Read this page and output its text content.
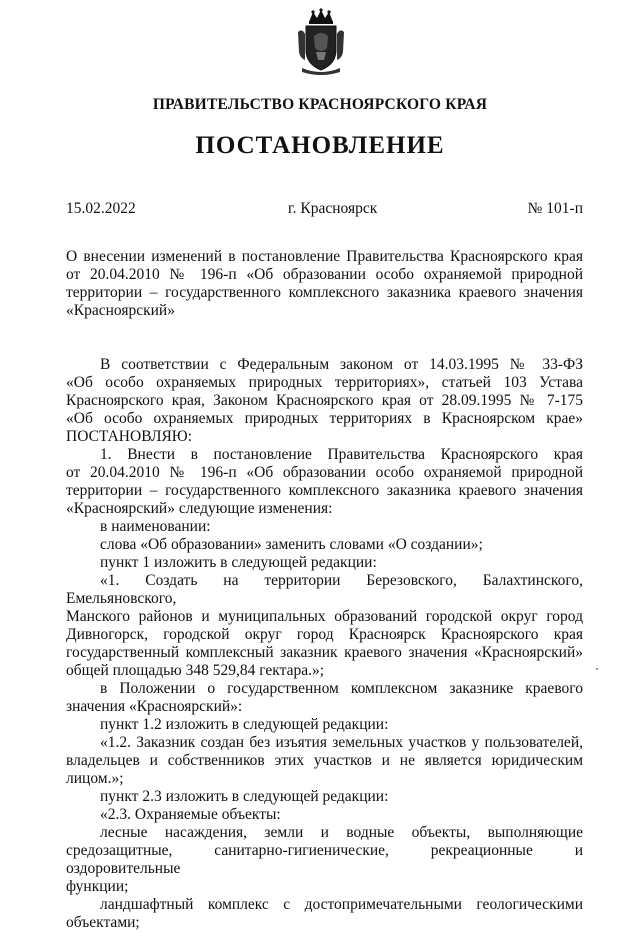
ПРАВИТЕЛЬСТВО КРАСНОЯРСКОГО КРАЯ
ПОСТАНОВЛЕНИЕ
15.02.2022	г. Красноярск	№ 101-п

О внесении изменений в постановление Правительства Красноярского края

от 20.04.2010 № 196-п «Об образовании особо охраняемой природной

территории – государственного комплексного заказника краевого значения

«Красноярский»

В соответствии с Федеральным законом от 14.03.1995 № 33-ФЗ

«Об особо охраняемых природных территориях», статьей 103 Устава

Красноярского края, Законом Красноярского края от 28.09.1995 № 7-175

«Об особо охраняемых природных территориях в Красноярском крае»

ПОСТАНОВЛЯЮ:

1. Внести в постановление Правительства Красноярского края

от 20.04.2010 № 196-п «Об образовании особо охраняемой природной

территории – государственного комплексного заказника краевого значения

«Красноярский» следующие изменения:

в наименовании:

слова «Об образовании» заменить словами «О создании»;

пункт 1 изложить в следующей редакции:

«1. Создать на территории Березовского, Балахтинского, Емельяновского,

Манского районов и муниципальных образований городской округ город

Дивногорск, городской округ город Красноярск Красноярского края

государственный комплексный заказник краевого значения «Красноярский»

общей площадью 348 529,84 гектара.»;

в Положении о государственном комплексном заказнике краевого

значения «Красноярский»:

пункт 1.2 изложить в следующей редакции:

«1.2. Заказник создан без изъятия земельных участков у пользователей,

владельцев и собственников этих участков и не является юридическим лицом.»;

пункт 2.3 изложить в следующей редакции:

«2.3. Охраняемые объекты:

лесные насаждения, земли и водные объекты, выполняющие

средозащитные, санитарно-гигиенические, рекреационные и оздоровительные

функции;

ландшафтный комплекс с достопримечательными геологическими

объектами;
